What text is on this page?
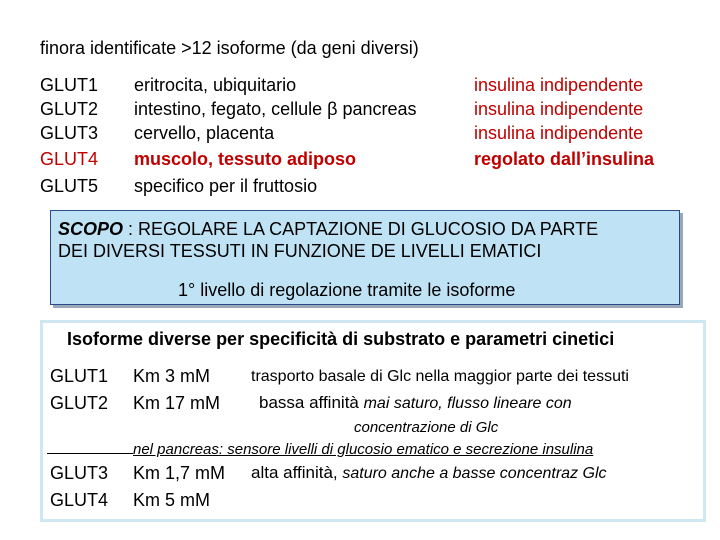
finora identificate >12 isoforme (da geni diversi)
GLUT1 eritrocita, ubiquitario	insulina indipendente
GLUT2 intestino, fegato, cellule β pancreas	insulina indipendente
GLUT3 cervello, placenta	insulina indipendente
GLUT4 muscolo, tessuto adiposo	regolato dall’insulina
GLUT5 specifico per il fruttosio
SCOPO : REGOLARE LA CAPTAZIONE DI GLUCOSIO DA PARTE
DEI DIVERSI TESSUTI IN FUNZIONE DE LIVELLI EMATICI
1° livello di regolazione tramite le isoforme
Isoforme diverse per specificità di substrato e parametri cinetici
GLUT1 Km 3 mM	trasporto basale di Glc nella maggior parte dei tessuti
GLUT2 Km 17 mM bassa affinità mai saturo, flusso lineare con
concentrazione di Glc
nel pancreas: sensore livelli di glucosio ematico e secrezione insulina
GLUT3 Km 1,7 mM alta affinità, saturo anche a basse concentraz Glc
GLUT4 Km 5 mM
